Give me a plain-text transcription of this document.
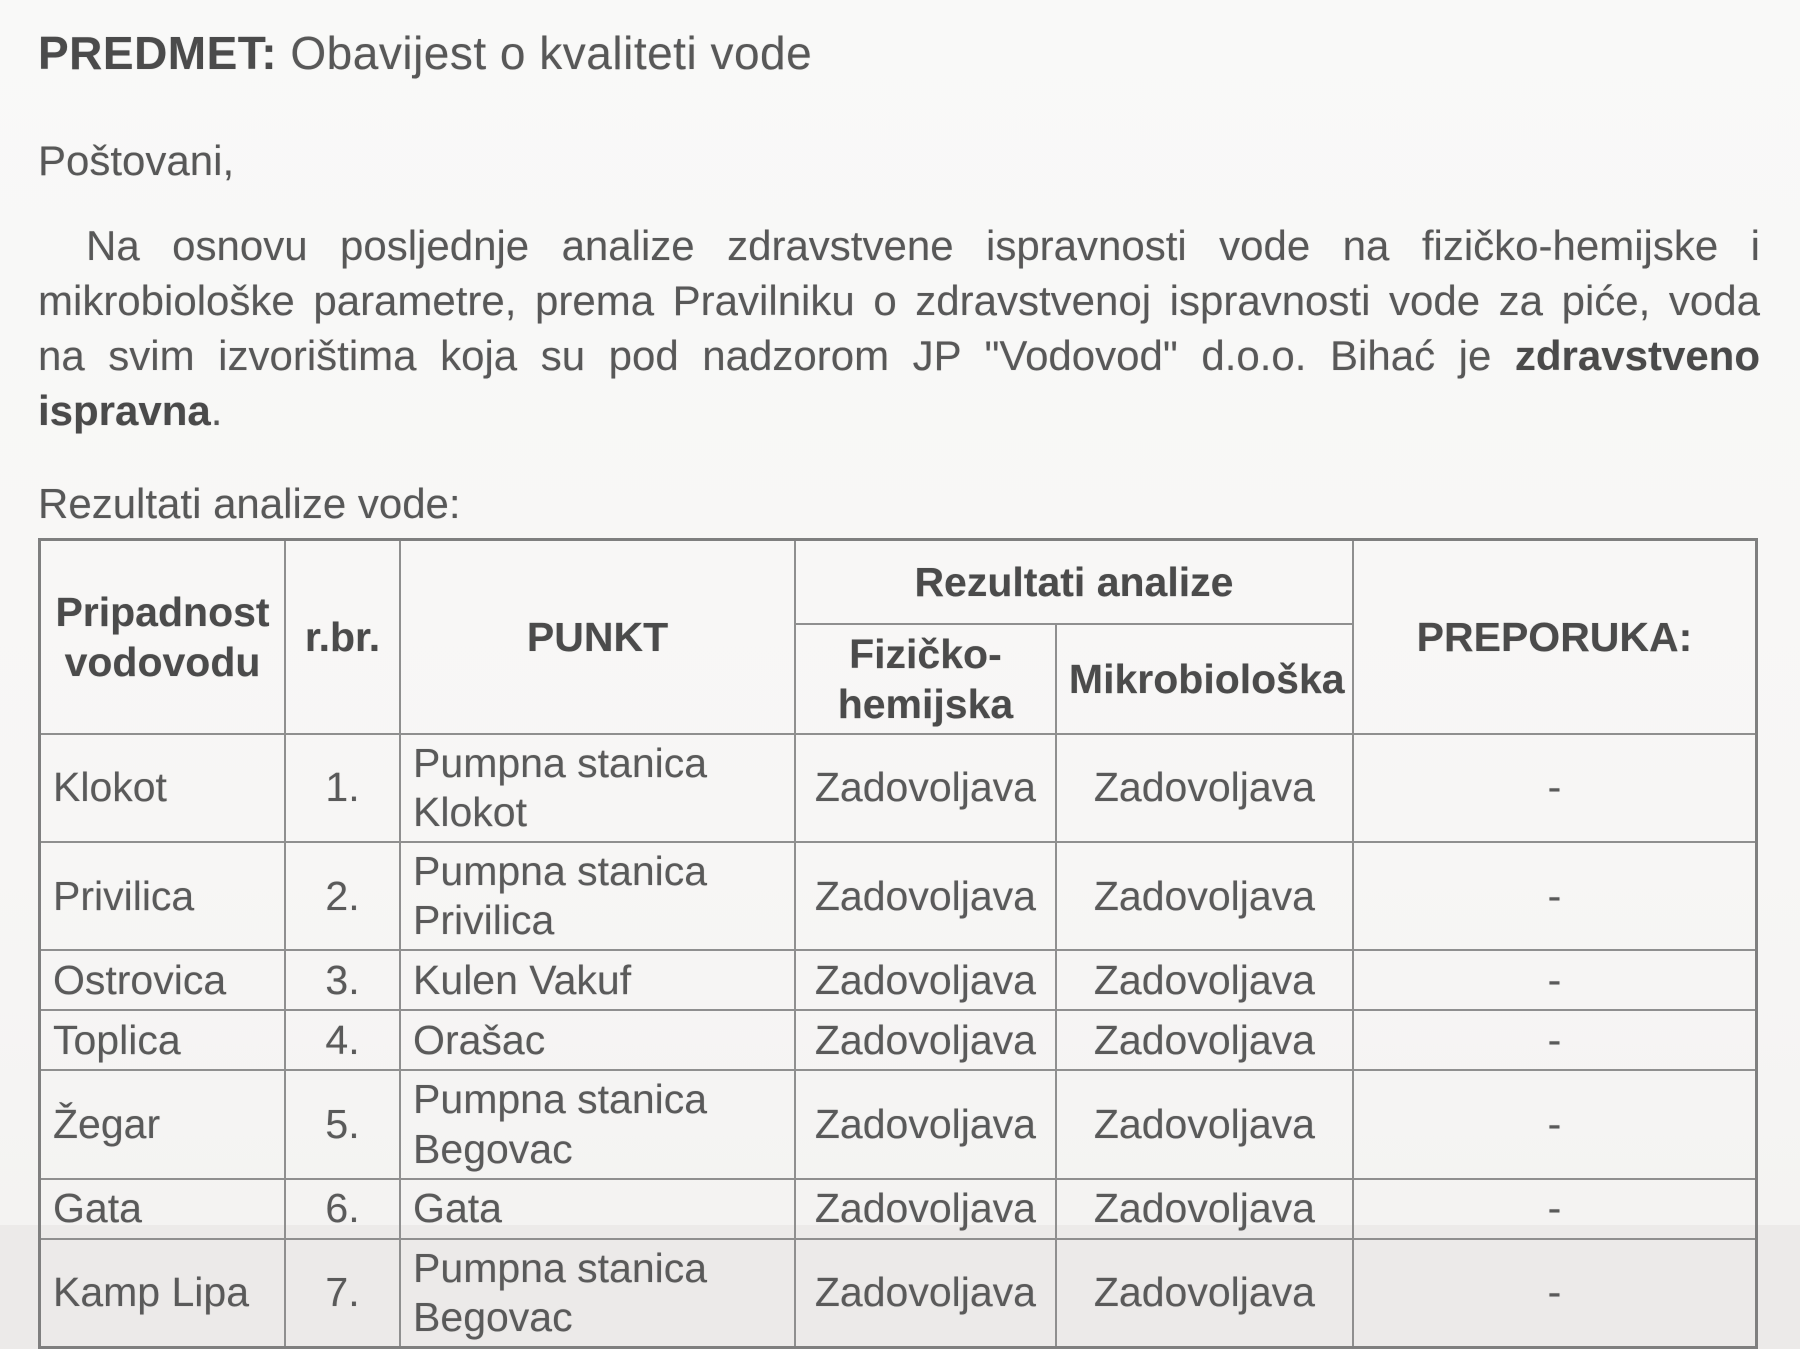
PREDMET: Obavijest o kvaliteti vode
Poštovani,

Na osnovu posljednje analize zdravstvene ispravnosti vode na fizičko-hemijske i mikrobiološke parametre, prema Pravilniku o zdravstvenoj ispravnosti vode za piće, voda na svim izvorištima koja su pod nadzorom JP "Vodovod" d.o.o. Bihać je zdravstveno ispravna.

Rezultati analize vode:
Pripadnost vodovodu	r.br.	PUNKT	Rezultati analize		PREPORUKA:
			Fizičko-hemijska	Mikrobiološka	
Klokot	1.	Pumpna stanica Klokot	Zadovoljava	Zadovoljava	-
Privilica	2.	Pumpna stanica Privilica	Zadovoljava	Zadovoljava	-
Ostrovica	3.	Kulen Vakuf	Zadovoljava	Zadovoljava	-
Toplica	4.	Orašac	Zadovoljava	Zadovoljava	-
Žegar	5.	Pumpna stanica Begovac	Zadovoljava	Zadovoljava	-
Gata	6.	Gata	Zadovoljava	Zadovoljava	-
Kamp Lipa	7.	Pumpna stanica Begovac	Zadovoljava	Zadovoljava	-
